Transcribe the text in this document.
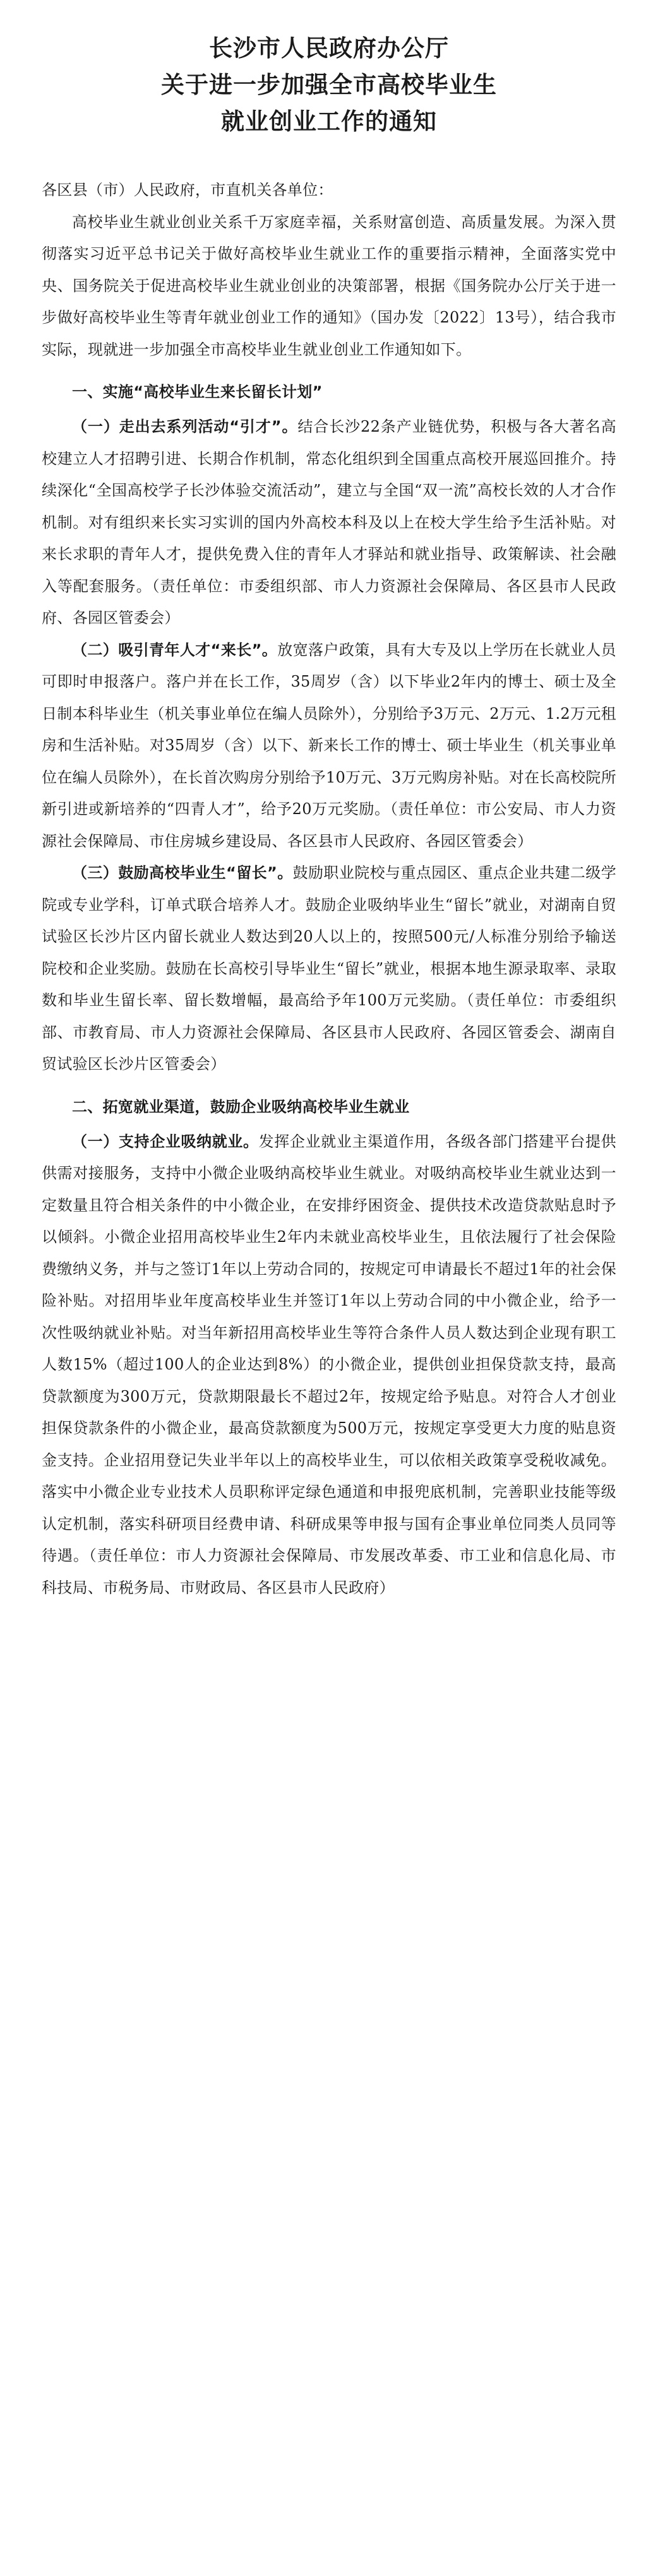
长沙市人民政府办公厅
关于进一步加强全市高校毕业生
就业创业工作的通知

各区县（市）人民政府，市直机关各单位：

高校毕业生就业创业关系千万家庭幸福，关系财富创造、高质量发展。为深入贯彻落实习近平总书记关于做好高校毕业生就业工作的重要指示精神，全面落实党中央、国务院关于促进高校毕业生就业创业的决策部署，根据《国务院办公厅关于进一步做好高校毕业生等青年就业创业工作的通知》（国办发〔2022〕13号），结合我市实际，现就进一步加强全市高校毕业生就业创业工作通知如下。

一、实施“高校毕业生来长留长计划”

（一）走出去系列活动“引才”。结合长沙22条产业链优势，积极与各大著名高校建立人才招聘引进、长期合作机制，常态化组织到全国重点高校开展巡回推介。持续深化“全国高校学子长沙体验交流活动”，建立与全国“双一流”高校长效的人才合作机制。对有组织来长实习实训的国内外高校本科及以上在校大学生给予生活补贴。对来长求职的青年人才，提供免费入住的青年人才驿站和就业指导、政策解读、社会融入等配套服务。（责任单位：市委组织部、市人力资源社会保障局、各区县市人民政府、各园区管委会）

（二）吸引青年人才“来长”。放宽落户政策，具有大专及以上学历在长就业人员可即时申报落户。落户并在长工作，35周岁（含）以下毕业2年内的博士、硕士及全日制本科毕业生（机关事业单位在编人员除外），分别给予3万元、2万元、1.2万元租房和生活补贴。对35周岁（含）以下、新来长工作的博士、硕士毕业生（机关事业单位在编人员除外），在长首次购房分别给予10万元、3万元购房补贴。对在长高校院所新引进或新培养的“四青人才”，给予20万元奖励。（责任单位：市公安局、市人力资源社会保障局、市住房城乡建设局、各区县市人民政府、各园区管委会）

（三）鼓励高校毕业生“留长”。鼓励职业院校与重点园区、重点企业共建二级学院或专业学科，订单式联合培养人才。鼓励企业吸纳毕业生“留长”就业，对湖南自贸试验区长沙片区内留长就业人数达到20人以上的，按照500元/人标准分别给予输送院校和企业奖励。鼓励在长高校引导毕业生“留长”就业，根据本地生源录取率、录取数和毕业生留长率、留长数增幅，最高给予年100万元奖励。（责任单位：市委组织部、市教育局、市人力资源社会保障局、各区县市人民政府、各园区管委会、湖南自贸试验区长沙片区管委会）

二、拓宽就业渠道，鼓励企业吸纳高校毕业生就业

（一）支持企业吸纳就业。发挥企业就业主渠道作用，各级各部门搭建平台提供供需对接服务，支持中小微企业吸纳高校毕业生就业。对吸纳高校毕业生就业达到一定数量且符合相关条件的中小微企业，在安排纾困资金、提供技术改造贷款贴息时予以倾斜。小微企业招用高校毕业生2年内未就业高校毕业生，且依法履行了社会保险费缴纳义务，并与之签订1年以上劳动合同的，按规定可申请最长不超过1年的社会保险补贴。对招用毕业年度高校毕业生并签订1年以上劳动合同的中小微企业，给予一次性吸纳就业补贴。对当年新招用高校毕业生等符合条件人员人数达到企业现有职工人数15%（超过100人的企业达到8%）的小微企业，提供创业担保贷款支持，最高贷款额度为300万元，贷款期限最长不超过2年，按规定给予贴息。对符合人才创业担保贷款条件的小微企业，最高贷款额度为500万元，按规定享受更大力度的贴息资金支持。企业招用登记失业半年以上的高校毕业生，可以依相关政策享受税收减免。落实中小微企业专业技术人员职称评定绿色通道和申报兜底机制，完善职业技能等级认定机制，落实科研项目经费申请、科研成果等申报与国有企事业单位同类人员同等待遇。（责任单位：市人力资源社会保障局、市发展改革委、市工业和信息化局、市科技局、市税务局、市财政局、各区县市人民政府）
